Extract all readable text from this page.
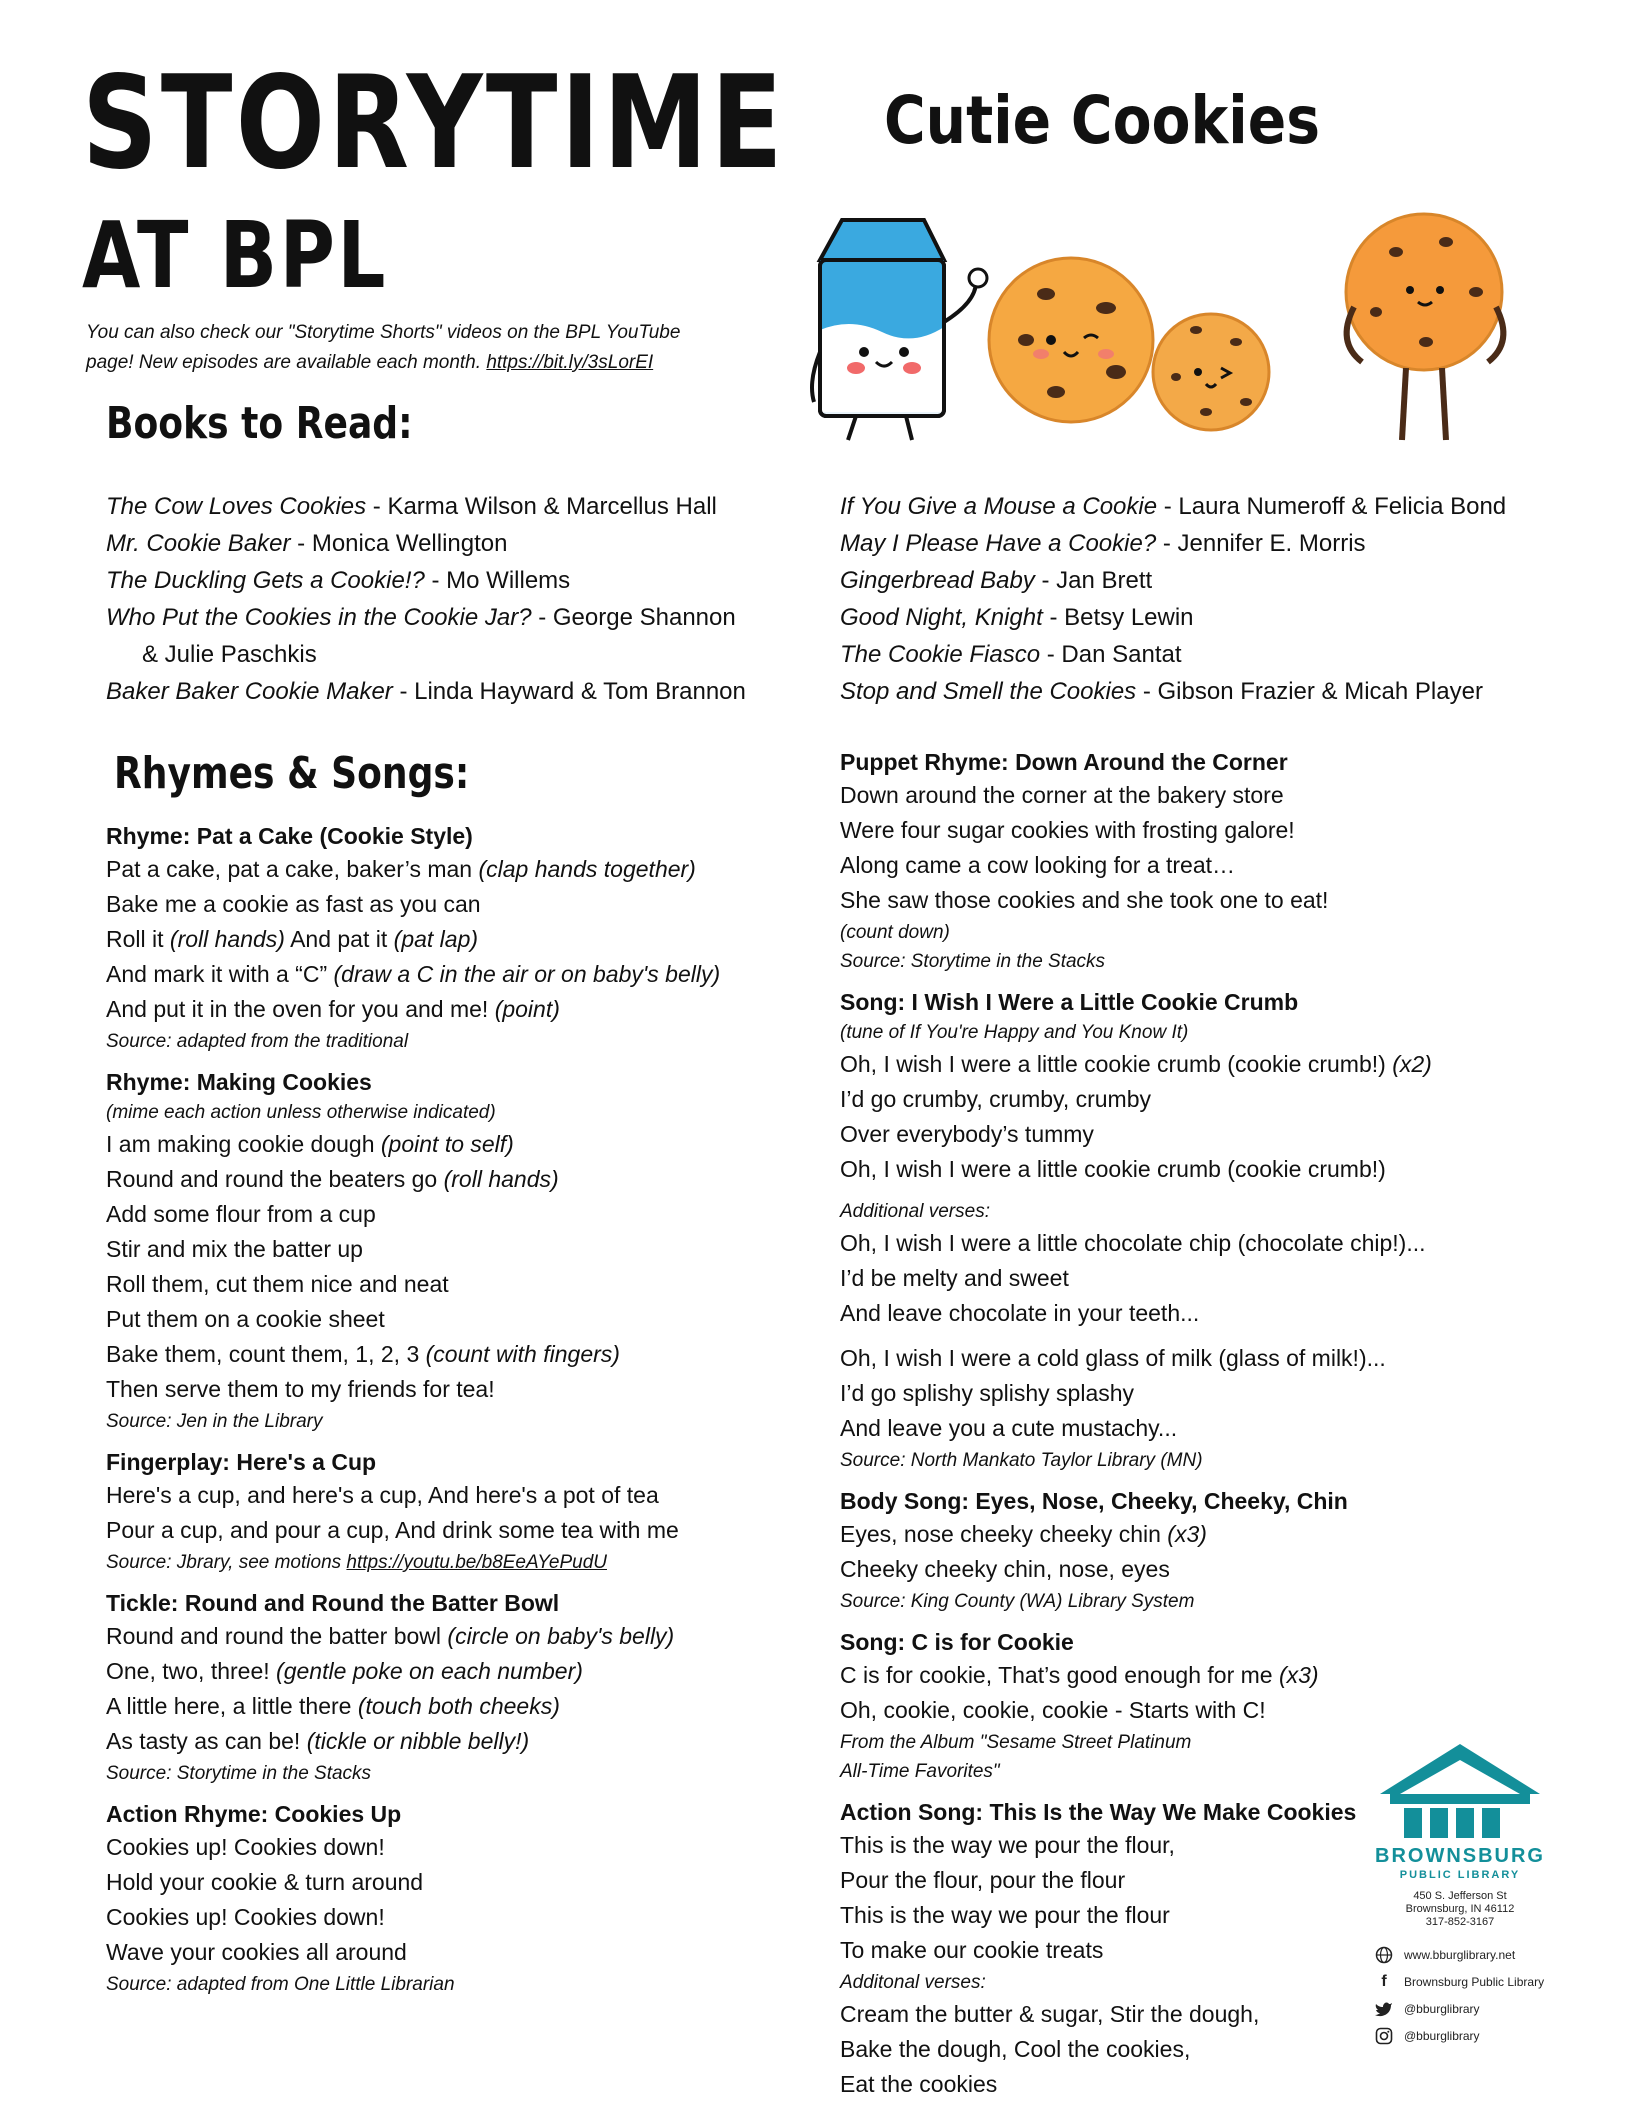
STORYTIME
AT BPL
Cutie Cookies
You can also check our "Storytime Shorts" videos on the BPL YouTube
page! New episodes are available each month. https://bit.ly/3sLorEI
Books to Read:
The Cow Loves Cookies - Karma Wilson & Marcellus Hall
Mr. Cookie Baker - Monica Wellington
The Duckling Gets a Cookie!? - Mo Willems
Who Put the Cookies in the Cookie Jar? - George Shannon
& Julie Paschkis
Baker Baker Cookie Maker - Linda Hayward & Tom Brannon
If You Give a Mouse a Cookie - Laura Numeroff & Felicia Bond
May I Please Have a Cookie? - Jennifer E. Morris
Gingerbread Baby - Jan Brett
Good Night, Knight - Betsy Lewin
The Cookie Fiasco - Dan Santat
Stop and Smell the Cookies - Gibson Frazier & Micah Player
Rhymes & Songs:
Rhyme: Pat a Cake (Cookie Style)
Pat a cake, pat a cake, baker’s man (clap hands together)
Bake me a cookie as fast as you can
Roll it (roll hands) And pat it (pat lap)
And mark it with a “C” (draw a C in the air or on baby's belly)
And put it in the oven for you and me! (point)
Source: adapted from the traditional
Rhyme: Making Cookies
(mime each action unless otherwise indicated)
I am making cookie dough (point to self)
Round and round the beaters go (roll hands)
Add some flour from a cup
Stir and mix the batter up
Roll them, cut them nice and neat
Put them on a cookie sheet
Bake them, count them, 1, 2, 3 (count with fingers)
Then serve them to my friends for tea!
Source: Jen in the Library
Fingerplay: Here's a Cup
Here's a cup, and here's a cup, And here's a pot of tea
Pour a cup, and pour a cup, And drink some tea with me
Source: Jbrary, see motions https://youtu.be/b8EeAYePudU
Tickle: Round and Round the Batter Bowl
Round and round the batter bowl (circle on baby's belly)
One, two, three! (gentle poke on each number)
A little here, a little there (touch both cheeks)
As tasty as can be! (tickle or nibble belly!)
Source: Storytime in the Stacks
Action Rhyme: Cookies Up
Cookies up! Cookies down!
Hold your cookie & turn around
Cookies up! Cookies down!
Wave your cookies all around
Source: adapted from One Little Librarian
Puppet Rhyme: Down Around the Corner
Down around the corner at the bakery store
Were four sugar cookies with frosting galore!
Along came a cow looking for a treat…
She saw those cookies and she took one to eat!
(count down)
Source: Storytime in the Stacks
Song: I Wish I Were a Little Cookie Crumb
(tune of If You're Happy and You Know It)
Oh, I wish I were a little cookie crumb (cookie crumb!) (x2)
I’d go crumby, crumby, crumby
Over everybody’s tummy
Oh, I wish I were a little cookie crumb (cookie crumb!)
Additional verses:
Oh, I wish I were a little chocolate chip (chocolate chip!)...
I’d be melty and sweet
And leave chocolate in your teeth...
Oh, I wish I were a cold glass of milk (glass of milk!)...
I’d go splishy splishy splashy
And leave you a cute mustachy...
Source: North Mankato Taylor Library (MN)
Body Song: Eyes, Nose, Cheeky, Cheeky, Chin
Eyes, nose cheeky cheeky chin (x3)
Cheeky cheeky chin, nose, eyes
Source: King County (WA) Library System
Song: C is for Cookie
C is for cookie, That’s good enough for me (x3)
Oh, cookie, cookie, cookie - Starts with C!
From the Album "Sesame Street Platinum
All-Time Favorites"
Action Song: This Is the Way We Make Cookies
This is the way we pour the flour,
Pour the flour, pour the flour
This is the way we pour the flour
To make our cookie treats
Additonal verses:
Cream the butter & sugar, Stir the dough,
Bake the dough, Cool the cookies,
Eat the cookies
BROWNSBURG
PUBLIC LIBRARY
450 S. Jefferson St
Brownsburg, IN 46112
317-852-3167
www.bburglibrary.net
f	Brownsburg Public Library
@bburglibrary
@bburglibrary
